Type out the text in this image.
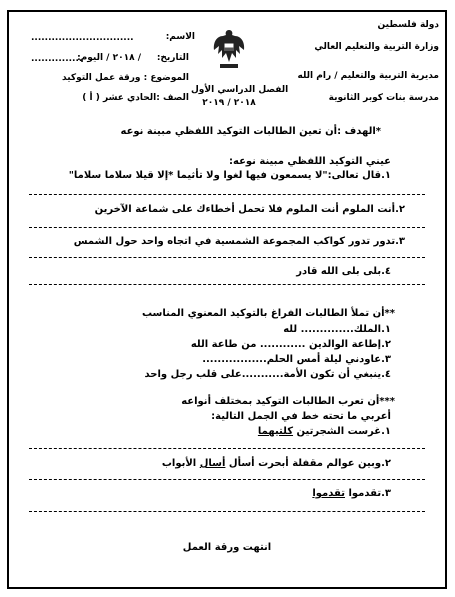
دولة فلسطين
وزارة التربية والتعليم العالي
مديرية التربية والتعليم / رام الله
مدرسة بنات كوبر الثانوية
الفصل الدراسي الأول
٢٠١٨ / ٢٠١٩
الاسم:
..............................
التاريخ:
/ ٢٠١٨ / اليوم:
...............
الموضوع : ورقة عمل التوكيد
الصف :الحادي عشر ( أ )
*الهدف :أن تعين الطالبات التوكيد اللفظي مبينة نوعه
عيني التوكيد اللفظي مبينة نوعه:
١.قال تعالى:"لا يسمعون فيها لغوا ولا تأثيما *إلا قيلا سلاما سلاما"
٢.أنت الملوم أنت الملوم فلا تحمل أخطاءك على شماعة الآخرين
٣.تدور تدور كواكب المجموعة الشمسية في اتجاه واحد حول الشمس
٤.بلى بلى الله قادر
**أن تملأ الطالبات الفراغ بالتوكيد المعنوي المناسب
١.الملك.............. لله
٢.إطاعة الوالدين ............ من طاعة الله
٣.عاودني ليلة أمس الحلم.................
٤.ينبغي أن تكون الأمة...........على قلب رجل واحد
***أن تعرب الطالبات التوكيد بمختلف أنواعه
أعربي ما تحته خط في الجمل التالية:
١.غرست الشجرتين كلتيهما
٢.وبين عوالم مقفلة أبحرت أسأل أسال الأبواب
٣.تقدموا تقدموا
انتهت ورقة العمل
